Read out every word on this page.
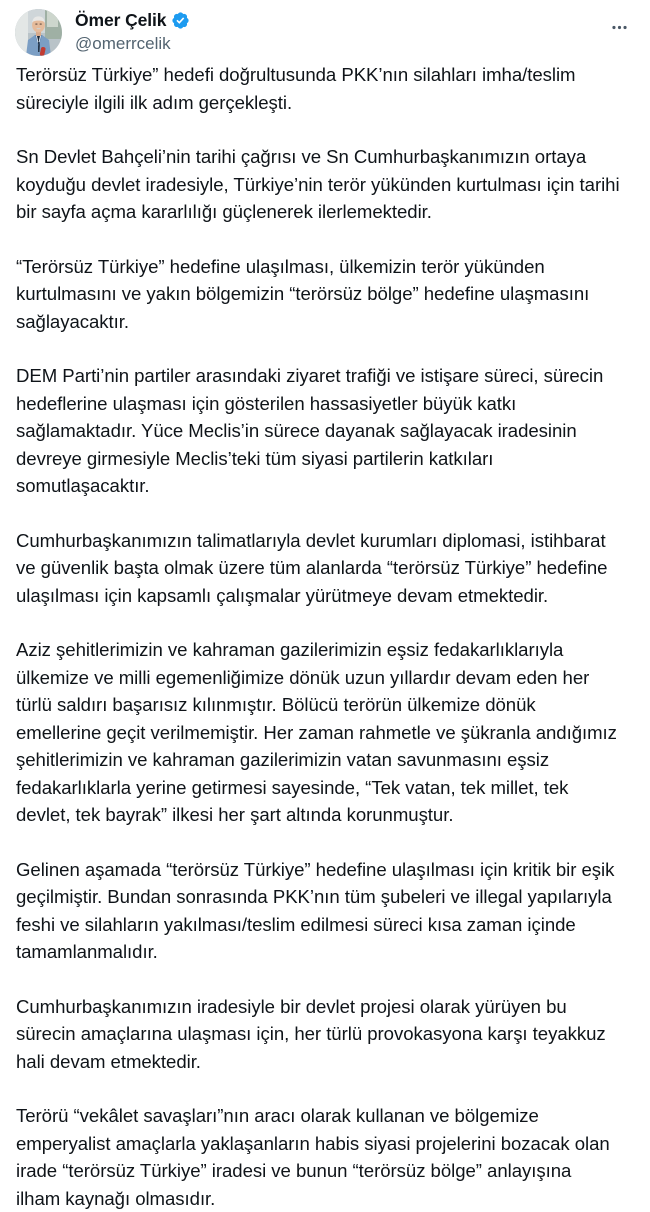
Ömer Çelik
@omerrcelik

Terörsüz Türkiye” hedefi doğrultusunda PKK’nın silahları imha/teslim süreciyle ilgili ilk adım gerçekleşti.

Sn Devlet Bahçeli’nin tarihi çağrısı ve Sn Cumhurbaşkanımızın ortaya koyduğu devlet iradesiyle, Türkiye’nin terör yükünden kurtulması için tarihi bir sayfa açma kararlılığı güçlenerek ilerlemektedir.

“Terörsüz Türkiye” hedefine ulaşılması, ülkemizin terör yükünden kurtulmasını ve yakın bölgemizin “terörsüz bölge” hedefine ulaşmasını sağlayacaktır.

DEM Parti’nin partiler arasındaki ziyaret trafiği ve istişare süreci, sürecin hedeflerine ulaşması için gösterilen hassasiyetler büyük katkı sağlamaktadır. Yüce Meclis’in sürece dayanak sağlayacak iradesinin devreye girmesiyle Meclis’teki tüm siyasi partilerin katkıları somutlaşacaktır.

Cumhurbaşkanımızın talimatlarıyla devlet kurumları diplomasi, istihbarat ve güvenlik başta olmak üzere tüm alanlarda “terörsüz Türkiye” hedefine ulaşılması için kapsamlı çalışmalar yürütmeye devam etmektedir.

Aziz şehitlerimizin ve kahraman gazilerimizin eşsiz fedakarlıklarıyla ülkemize ve milli egemenliğimize dönük uzun yıllardır devam eden her türlü saldırı başarısız kılınmıştır. Bölücü terörün ülkemize dönük emellerine geçit verilmemiştir. Her zaman rahmetle ve şükranla andığımız şehitlerimizin ve kahraman gazilerimizin vatan savunmasını eşsiz fedakarlıklarla yerine getirmesi sayesinde, “Tek vatan, tek millet, tek devlet, tek bayrak” ilkesi her şart altında korunmuştur.

Gelinen aşamada “terörsüz Türkiye” hedefine ulaşılması için kritik bir eşik geçilmiştir. Bundan sonrasında PKK’nın tüm şubeleri ve illegal yapılarıyla feshi ve silahların yakılması/teslim edilmesi süreci kısa zaman içinde tamamlanmalıdır.

Cumhurbaşkanımızın iradesiyle bir devlet projesi olarak yürüyen bu sürecin amaçlarına ulaşması için, her türlü provokasyona karşı teyakkuz hali devam etmektedir.

Terörü “vekâlet savaşları”nın aracı olarak kullanan ve bölgemize emperyalist amaçlarla yaklaşanların habis siyasi projelerini bozacak olan irade “terörsüz Türkiye” iradesi ve bunun “terörsüz bölge” anlayışına ilham kaynağı olmasıdır.
